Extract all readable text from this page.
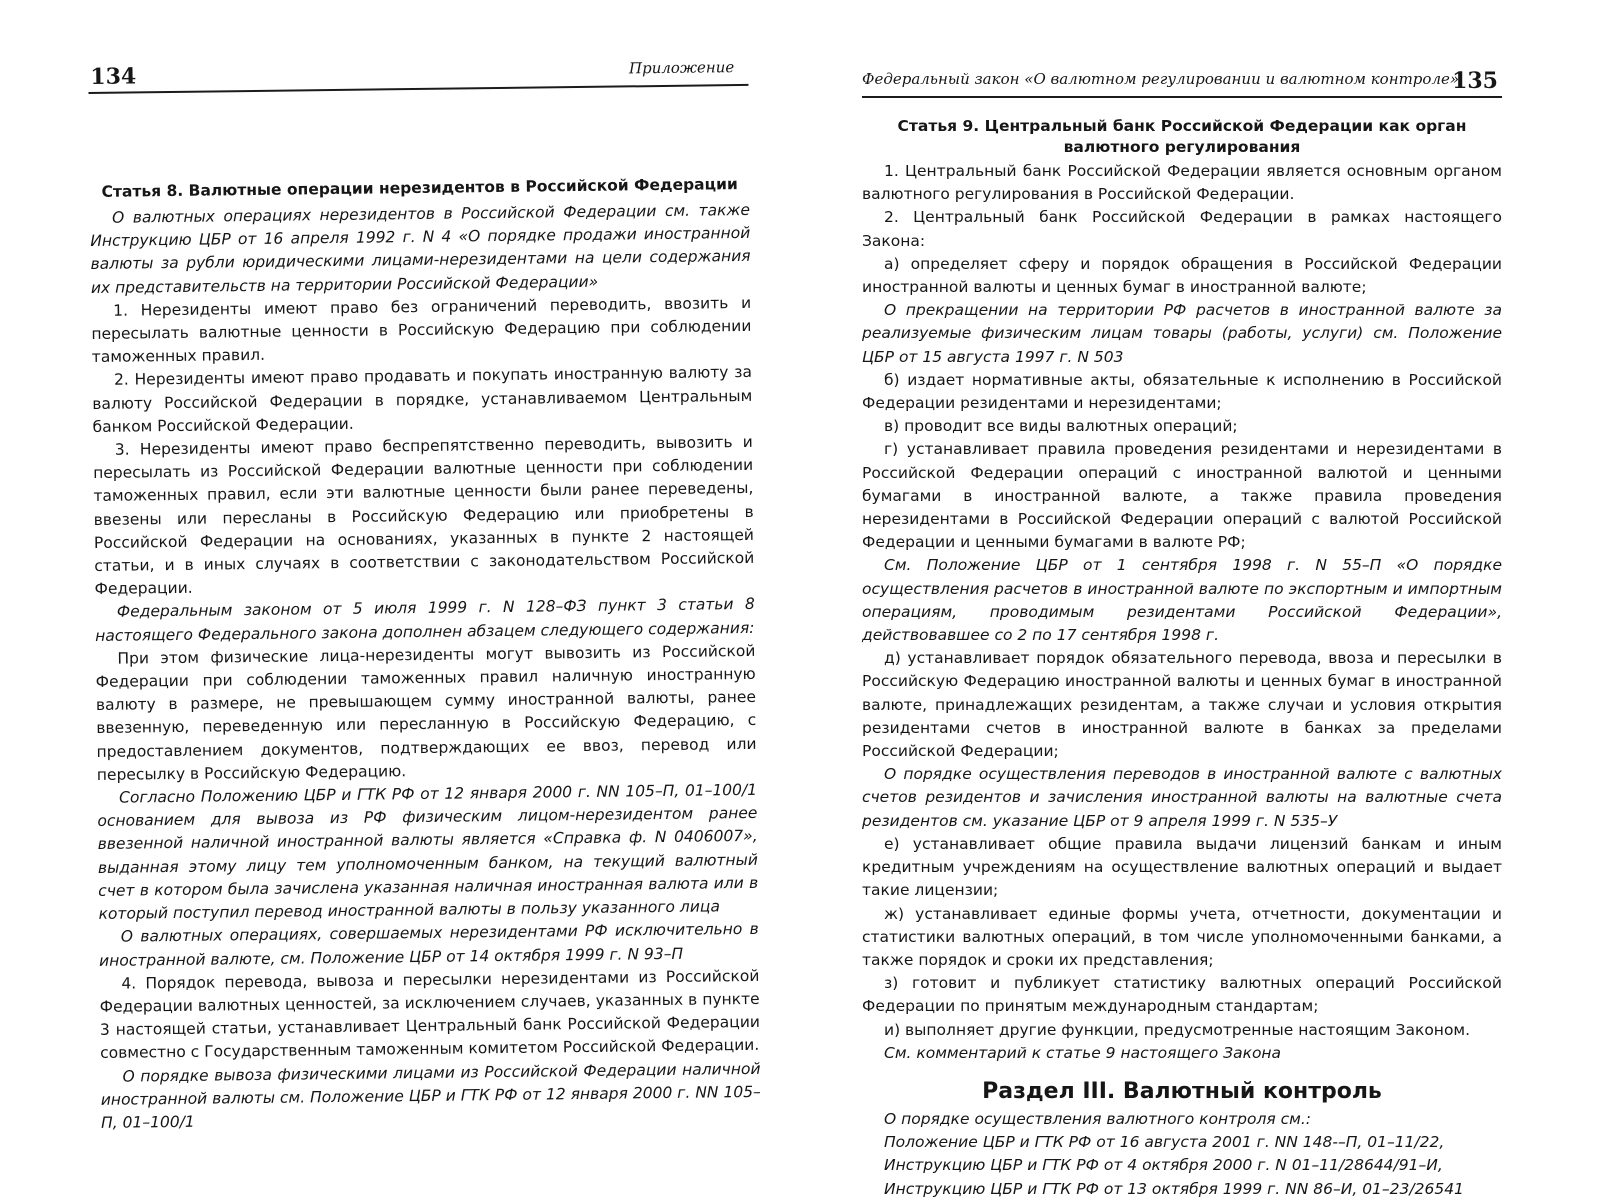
134	Приложение
Статья 8. Валютные операции нерезидентов в Российской Федерации

О валютных операциях нерезидентов в Российской Федерации см. также Инструкцию ЦБР от 16 апреля 1992 г. N 4 «О порядке продажи иностранной валюты за рубли юридическими лицами-нерезидентами на цели содержания их представительств на территории Российской Федерации»

1. Нерезиденты имеют право без ограничений переводить, ввозить и пересылать валютные ценности в Российскую Федерацию при соблюдении таможенных правил.

2. Нерезиденты имеют право продавать и покупать иностранную валюту за валюту Российской Федерации в порядке, устанавливаемом Центральным банком Российской Федерации.

3. Нерезиденты имеют право беспрепятственно переводить, вывозить и пересылать из Российской Федерации валютные ценности при соблюдении таможенных правил, если эти валютные ценности были ранее переведены, ввезены или пересланы в Российскую Федерацию или приобретены в Российской Федерации на основаниях, указанных в пункте 2 настоящей статьи, и в иных случаях в соответствии с законодательством Российской Федерации.

Федеральным законом от 5 июля 1999 г. N 128–ФЗ пункт 3 статьи 8 настоящего Федерального закона дополнен абзацем следующего содержания:

При этом физические лица-нерезиденты могут вывозить из Российской Федерации при соблюдении таможенных правил наличную иностранную валюту в размере, не превышающем сумму иностранной валюты, ранее ввезенную, переведенную или пересланную в Российскую Федерацию, с предоставлением документов, подтверждающих ее ввоз, перевод или пересылку в Российскую Федерацию.

Согласно Положению ЦБР и ГТК РФ от 12 января 2000 г. NN 105–П, 01–100/1 основанием для вывоза из РФ физическим лицом-нерезидентом ранее ввезенной наличной иностранной валюты является «Справка ф. N 0406007», выданная этому лицу тем уполномоченным банком, на текущий валютный счет в котором была зачислена указанная наличная иностранная валюта или в который поступил перевод иностранной валюты в пользу указанного лица

О валютных операциях, совершаемых нерезидентами РФ исключительно в иностранной валюте, см. Положение ЦБР от 14 октября 1999 г. N 93–П

4. Порядок перевода, вывоза и пересылки нерезидентами из Российской Федерации валютных ценностей, за исключением случаев, указанных в пункте 3 настоящей статьи, устанавливает Центральный банк Российской Федерации совместно с Государственным таможенным комитетом Российской Федерации.

О порядке вывоза физическими лицами из Российской Федерации наличной иностранной валюты см. Положение ЦБР и ГТК РФ от 12 января 2000 г. NN 105–П, 01–100/1

Федеральный закон «О валютном регулировании и валютном контроле»
135
Статья 9. Центральный банк Российской Федерации как орган валютного регулирования

1. Центральный банк Российской Федерации является основным органом валютного регулирования в Российской Федерации.

2. Центральный банк Российской Федерации в рамках настоящего Закона:

а) определяет сферу и порядок обращения в Российской Федерации иностранной валюты и ценных бумаг в иностранной валюте;

О прекращении на территории РФ расчетов в иностранной валюте за реализуемые физическим лицам товары (работы, услуги) см. Положение ЦБР от 15 августа 1997 г. N 503

б) издает нормативные акты, обязательные к исполнению в Российской Федерации резидентами и нерезидентами;

в) проводит все виды валютных операций;

г) устанавливает правила проведения резидентами и нерезидентами в Российской Федерации операций с иностранной валютой и ценными бумагами в иностранной валюте, а также правила проведения нерезидентами в Российской Федерации операций с валютой Российской Федерации и ценными бумагами в валюте РФ;

См. Положение ЦБР от 1 сентября 1998 г. N 55–П «О порядке осуществления расчетов в иностранной валюте по экспортным и импортным операциям, проводимым резидентами Российской Федерации», действовавшее со 2 по 17 сентября 1998 г.

д) устанавливает порядок обязательного перевода, ввоза и пересылки в Российскую Федерацию иностранной валюты и ценных бумаг в иностранной валюте, принадлежащих резидентам, а также случаи и условия открытия резидентами счетов в иностранной валюте в банках за пределами Российской Федерации;

О порядке осуществления переводов в иностранной валюте с валютных счетов резидентов и зачисления иностранной валюты на валютные счета резидентов см. указание ЦБР от 9 апреля 1999 г. N 535–У

е) устанавливает общие правила выдачи лицензий банкам и иным кредитным учреждениям на осуществление валютных операций и выдает такие лицензии;

ж) устанавливает единые формы учета, отчетности, документации и статистики валютных операций, в том числе уполномоченными банками, а также порядок и сроки их представления;

з) готовит и публикует статистику валютных операций Российской Федерации по принятым международным стандартам;

и) выполняет другие функции, предусмотренные настоящим Законом.

См. комментарий к статье 9 настоящего Закона

Раздел III. Валютный контроль
О порядке осуществления валютного контроля см.:
Положение ЦБР и ГТК РФ от 16 августа 2001 г. NN 148-–П, 01–11/22,
Инструкцию ЦБР и ГТК РФ от 4 октября 2000 г. N 01–11/28644/91–И,
Инструкцию ЦБР и ГТК РФ от 13 октября 1999 г. NN 86–И, 01–23/26541
